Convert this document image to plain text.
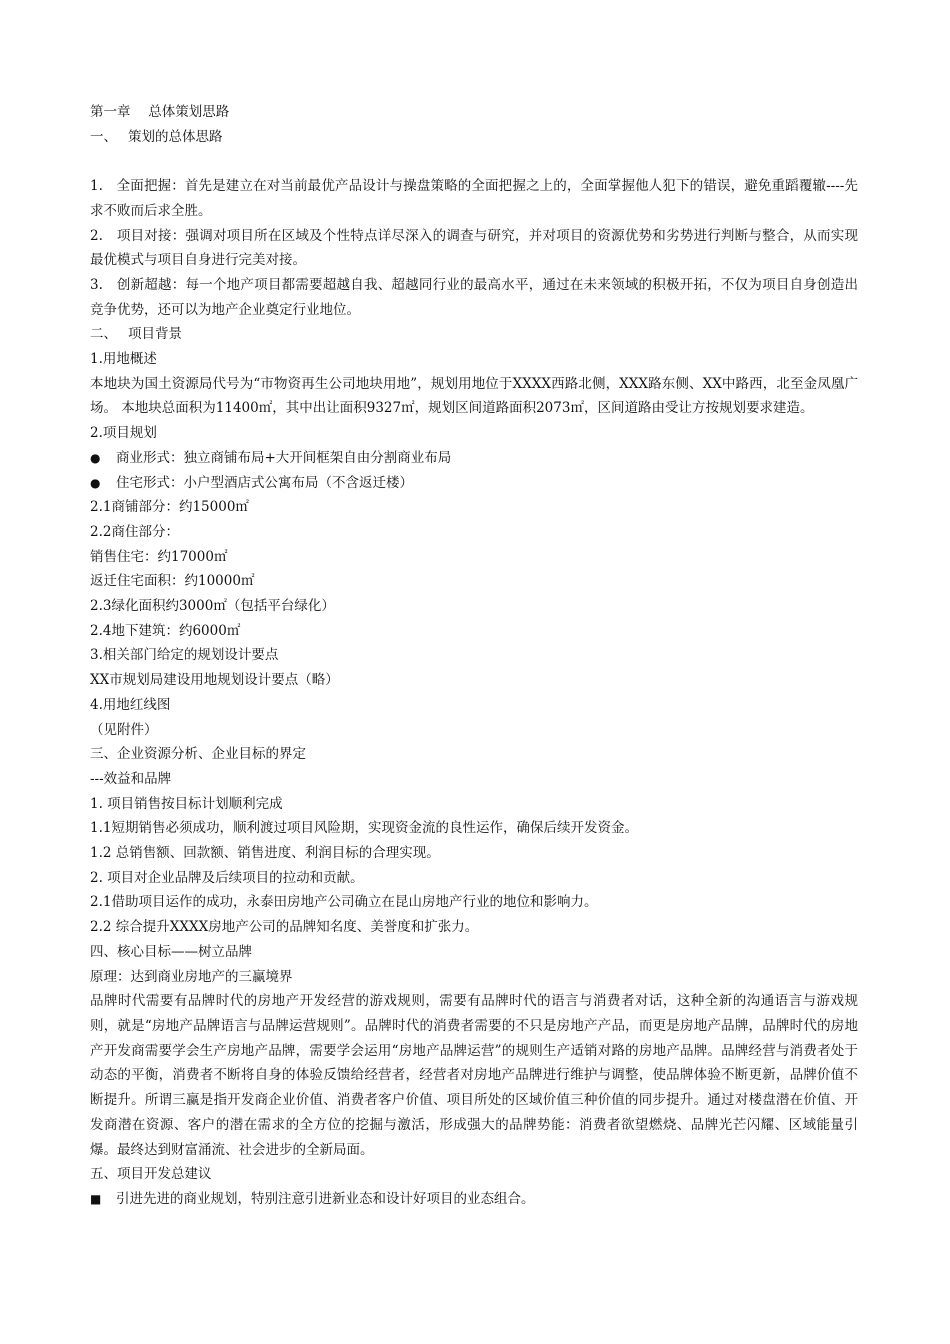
第一章　 总体策划思路

一、　 策划的总体思路

1.　全面把握：首先是建立在对当前最优产品设计与操盘策略的全面把握之上的，全面掌握他人犯下的错误，避免重蹈覆辙----先求不败而后求全胜。

2.　项目对接：强调对项目所在区域及个性特点详尽深入的调查与研究，并对项目的资源优势和劣势进行判断与整合，从而实现最优模式与项目自身进行完美对接。

3.　创新超越：每一个地产项目都需要超越自我、超越同行业的最高水平，通过在未来领域的积极开拓，不仅为项目自身创造出竞争优势，还可以为地产企业奠定行业地位。

二、　 项目背景

1.用地概述

本地块为国土资源局代号为“市物资再生公司地块用地”，规划用地位于XXXX西路北侧，XXX路东侧、XX中路西，北至金凤凰广场。 本地块总面积为11400㎡，其中出让面积9327㎡，规划区间道路面积2073㎡，区间道路由受让方按规划要求建造。

2.项目规划

●	商业形式：独立商铺布局+大开间框架自由分割商业布局
●	住宅形式：小户型酒店式公寓布局（不含返迁楼）

2.1商铺部分：约15000㎡

2.2商住部分：

销售住宅：约17000㎡

返迁住宅面积：约10000㎡

2.3绿化面积约3000㎡（包括平台绿化）

2.4地下建筑：约6000㎡

3.相关部门给定的规划设计要点

XX市规划局建设用地规划设计要点（略）

4.用地红线图

（见附件）

三、企业资源分析、企业目标的界定

---效益和品牌

1. 项目销售按目标计划顺利完成

1.1短期销售必须成功，顺利渡过项目风险期，实现资金流的良性运作，确保后续开发资金。

1.2 总销售额、回款额、销售进度、利润目标的合理实现。

2. 项目对企业品牌及后续项目的拉动和贡献。

2.1借助项目运作的成功，永泰田房地产公司确立在昆山房地产行业的地位和影响力。

2.2 综合提升XXXX房地产公司的品牌知名度、美誉度和扩张力。

四、核心目标——树立品牌

原理：达到商业房地产的三赢境界

品牌时代需要有品牌时代的房地产开发经营的游戏规则，需要有品牌时代的语言与消费者对话，这种全新的沟通语言与游戏规则，就是“房地产品牌语言与品牌运营规则”。品牌时代的消费者需要的不只是房地产产品，而更是房地产品牌，品牌时代的房地产开发商需要学会生产房地产品牌，需要学会运用“房地产品牌运营”的规则生产适销对路的房地产品牌。品牌经营与消费者处于动态的平衡，消费者不断将自身的体验反馈给经营者，经营者对房地产品牌进行维护与调整，使品牌体验不断更新，品牌价值不断提升。所谓三赢是指开发商企业价值、消费者客户价值、项目所处的区域价值三种价值的同步提升。通过对楼盘潜在价值、开发商潜在资源、客户的潜在需求的全方位的挖掘与激活，形成强大的品牌势能：消费者欲望燃烧、品牌光芒闪耀、区域能量引爆。最终达到财富涌流、社会进步的全新局面。

五、项目开发总建议

■	引进先进的商业规划，特别注意引进新业态和设计好项目的业态组合。
